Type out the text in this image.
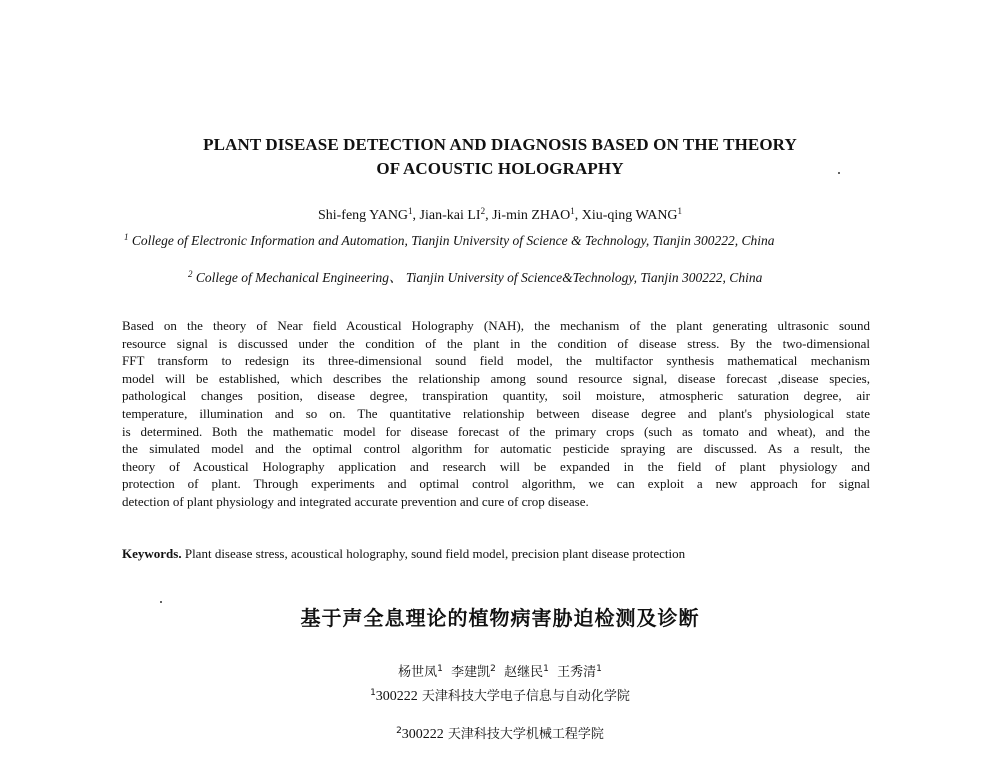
PLANT DISEASE DETECTION AND DIAGNOSIS BASED ON THE THEORY
OF ACOUSTIC HOLOGRAPHY
Shi-feng YANG$^1$, Jian-kai $LI^2$, Ji-min ZHAO$^1$, Xiu-qing WANG$^1$
$^1$ College of Electronic Information and Automation, Tianjin University of Science & Technology, Tianjin 300222, China
$^2$ College of Mechanical Engineering、 Tianjin University of Science&Technology, Tianjin 300222, China
Based on the theory of Near field Acoustical Holography (NAH), the mechanism of the plant generating ultrasonic sound
resource signal is discussed under the condition of the plant in the condition of disease stress. By the two-dimensional
FFT transform to redesign its three-dimensional sound field model, the multifactor synthesis mathematical mechanism
model will be established, which describes the relationship among sound resource signal, disease forecast ,disease species,
pathological changes position, disease degree, transpiration quantity, soil moisture, atmospheric saturation degree, air
temperature, illumination and so on. The quantitative relationship between disease degree and plant's physiological state
is determined. Both the mathematic model for disease forecast of the primary crops (such as tomato and wheat), and the
the simulated model and the optimal control algorithm for automatic pesticide spraying are discussed. As a result, the
theory of Acoustical Holography application and research will be expanded in the field of plant physiology and
protection of plant. Through experiments and optimal control algorithm, we can exploit a new approach for signal
detection of plant physiology and integrated accurate prevention and cure of crop disease.
Keywords. Plant disease stress, acoustical holography, sound field model, precision plant disease protection
基于声全息理论的植物病害胁迫检测及诊断
杨世凤$^1$ 李建凯$^2$ 赵继民$^1$ 王秀清$^1$
$^1$300222 天津科技大学电子信息与自动化学院
$^2$300222 天津科技大学机械工程学院
